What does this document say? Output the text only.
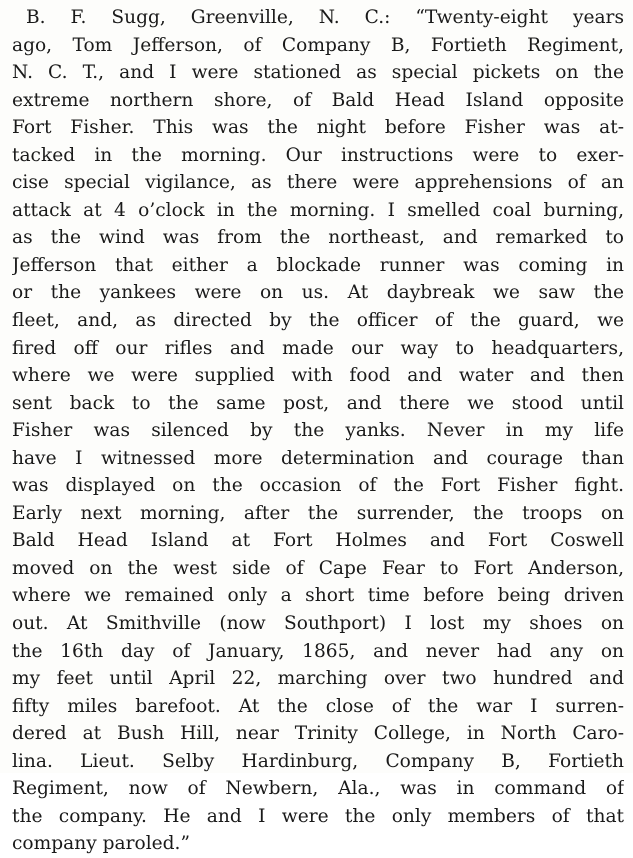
B. F. Sugg, Greenville, N. C.: “Twenty-eight years
ago, Tom Jefferson, of Company B, Fortieth Regiment,
N. C. T., and I were stationed as special pickets on the
extreme northern shore, of Bald Head Island opposite
Fort Fisher. This was the night before Fisher was at-
tacked in the morning. Our instructions were to exer-
cise special vigilance, as there were apprehensions of an
attack at 4 o’clock in the morning. I smelled coal burning,
as the wind was from the northeast, and remarked to
Jefferson that either a blockade runner was coming in
or the yankees were on us. At daybreak we saw the
fleet, and, as directed by the officer of the guard, we
fired off our rifles and made our way to headquarters,
where we were supplied with food and water and then
sent back to the same post, and there we stood until
Fisher was silenced by the yanks. Never in my life
have I witnessed more determination and courage than
was displayed on the occasion of the Fort Fisher fight.
Early next morning, after the surrender, the troops on
Bald Head Island at Fort Holmes and Fort Coswell
moved on the west side of Cape Fear to Fort Anderson,
where we remained only a short time before being driven
out. At Smithville (now Southport) I lost my shoes on
the 16th day of January, 1865, and never had any on
my feet until April 22, marching over two hundred and
fifty miles barefoot. At the close of the war I surren-
dered at Bush Hill, near Trinity College, in North Caro-
lina. Lieut. Selby Hardinburg, Company B, Fortieth
Regiment, now of Newbern, Ala., was in command of
the company. He and I were the only members of that
company paroled.”
